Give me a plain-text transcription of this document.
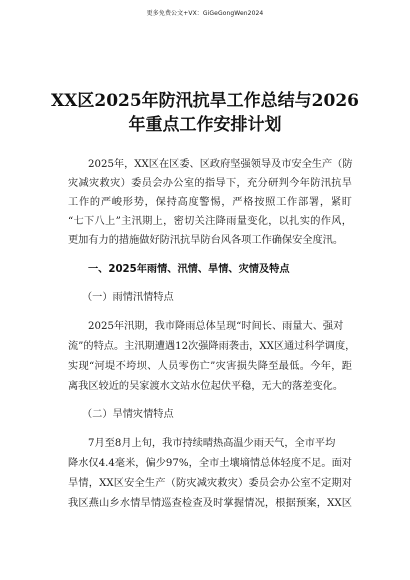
更多免费公文+VX：GiGeGongWen2024
XX区2025年防汛抗旱工作总结与2026
年重点工作安排计划
2025年，XX区在区委、区政府坚强领导及市安全生产（防
灾减灾救灾）委员会办公室的指导下，充分研判今年防汛抗旱
工作的严峻形势，保持高度警惕，严格按照工作部署，紧盯
“七下八上”主汛期上，密切关注降雨量变化，以扎实的作风，
更加有力的措施做好防汛抗旱防台风各项工作确保安全度汛。
一、2025年雨情、汛情、旱情、灾情及特点
（一）雨情汛情特点
2025年汛期，我市降雨总体呈现“时间长、雨量大、强对
流”的特点。主汛期遭遇12次强降雨袭击，XX区通过科学调度，
实现“河堤不垮坝、人员零伤亡”灾害损失降至最低。今年，距
离我区较近的吴家渡水文站水位起伏平稳，无大的落差变化。
（二）旱情灾情特点
7月至8月上旬，我市持续晴热高温少雨天气，全市平均
降水仅4.4毫米，偏少97%，全市土壤墒情总体轻度不足。面对
旱情，XX区安全生产（防灾减灾救灾）委员会办公室不定期对
我区燕山乡水情旱情巡查检查及时掌握情况，根据预案，XX区
